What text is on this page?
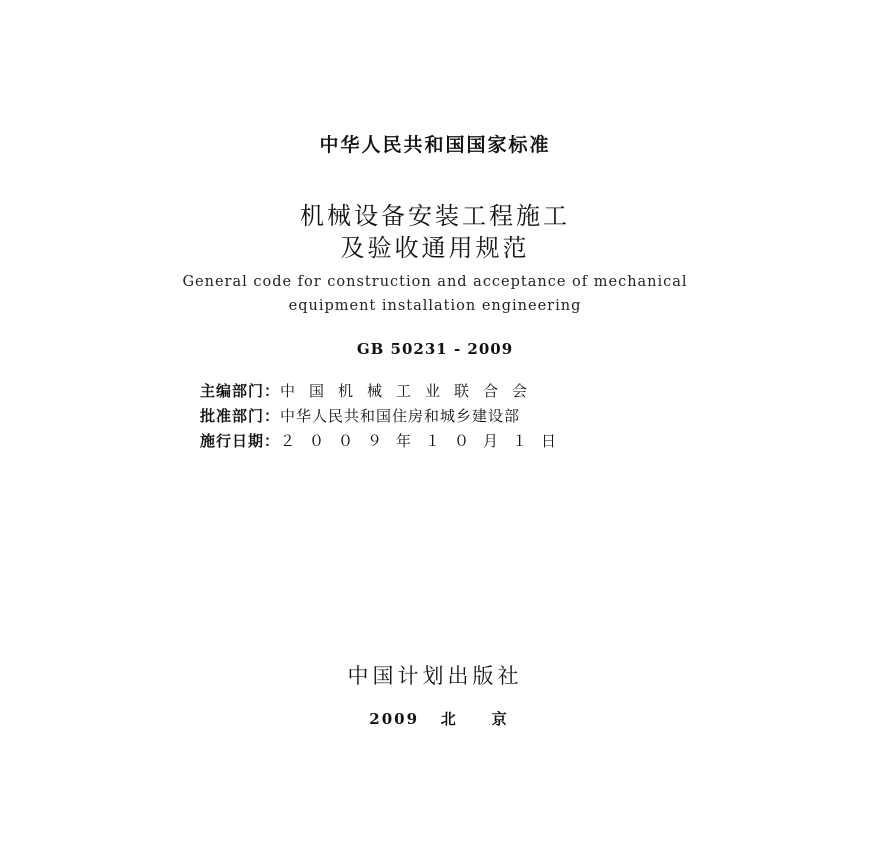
中华人民共和国国家标准
机械设备安装工程施工
及验收通用规范
General code for construction and acceptance of mechanical
equipment installation engineering
GB 50231 - 2009
主编部门：中国机械工业联合会
批准部门：中华人民共和国住房和城乡建设部
施行日期：２００９年１０月１日
中国计划出版社
2009 北　　京
